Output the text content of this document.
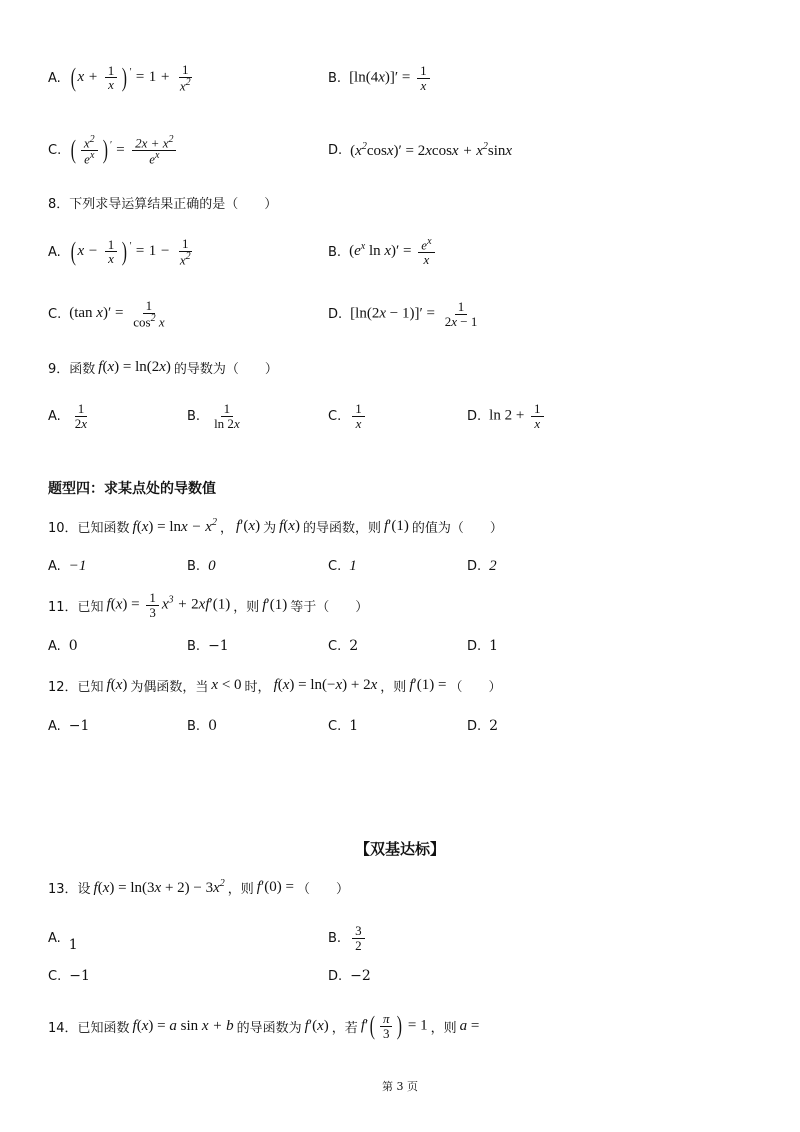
A. ( $x + \frac{1}{x}$ ) $' = 1 + \frac{1}{x^2}$	B. $[\ln(4x)]' = \frac{1}{x}$
C. ( $\frac{x^2}{e^x}$ ) $' = \frac{2x + x^2}{e^x}$	D. $(x^2\cos x)' = 2xcosx + x^2\sin x$
8．下列求导运算结果正确的是（　　）
A. ( $x - \frac{1}{x}$ ) $' = 1 - \frac{1}{x^2}$	B. ($e^x$ $\ln x)' = \frac{e^x}{x}$
C. (tan $x)' = \frac{1}{\cos^2 x}$	D. $[\ln(2x - 1)]' = \frac{1}{2x - 1}$
9．函数 f(x) = ln(2x) 的导数为（　　）
A. $\frac{1}{2x}$	B. $\frac{1}{\ln 2x}$	C. $\frac{1}{x}$	D. $\ln 2 + \frac{1}{x}$
题型四：求某点处的导数值
10．已知函数 $f(x) = \ln x - x^2$ ， f′(x) 为 f(x) 的导函数，则 f′(1) 的值为（　　）
A. −1	B. 0	C. 1	D. 2
11．已知 $f(x) = \frac{1}{3} x^3 + 2xf'(1)$ ，则 f′(1) 等于（　　）
A. 0	B. −1	C. 2	D. 1
12．已知 f(x) 为偶函数，当 x < 0 时， f(x) = ln(−x) + 2x ，则 f′(1) = （　　）
A. −1	B. 0	C. 1	D. 2
【双基达标】
13．设 $f(x) = \ln(3x + 2) - 3x^2$ ，则 f′(0) = （　　）
A. 1	B. $\frac{3}{2}$
C. −1	D. −2
14．已知函数 f(x) = a sin x + b 的导函数为 f′(x) ，若 $f'( \frac{\pi}{3}$ ) = 1 ，则 a =
第 3 页
